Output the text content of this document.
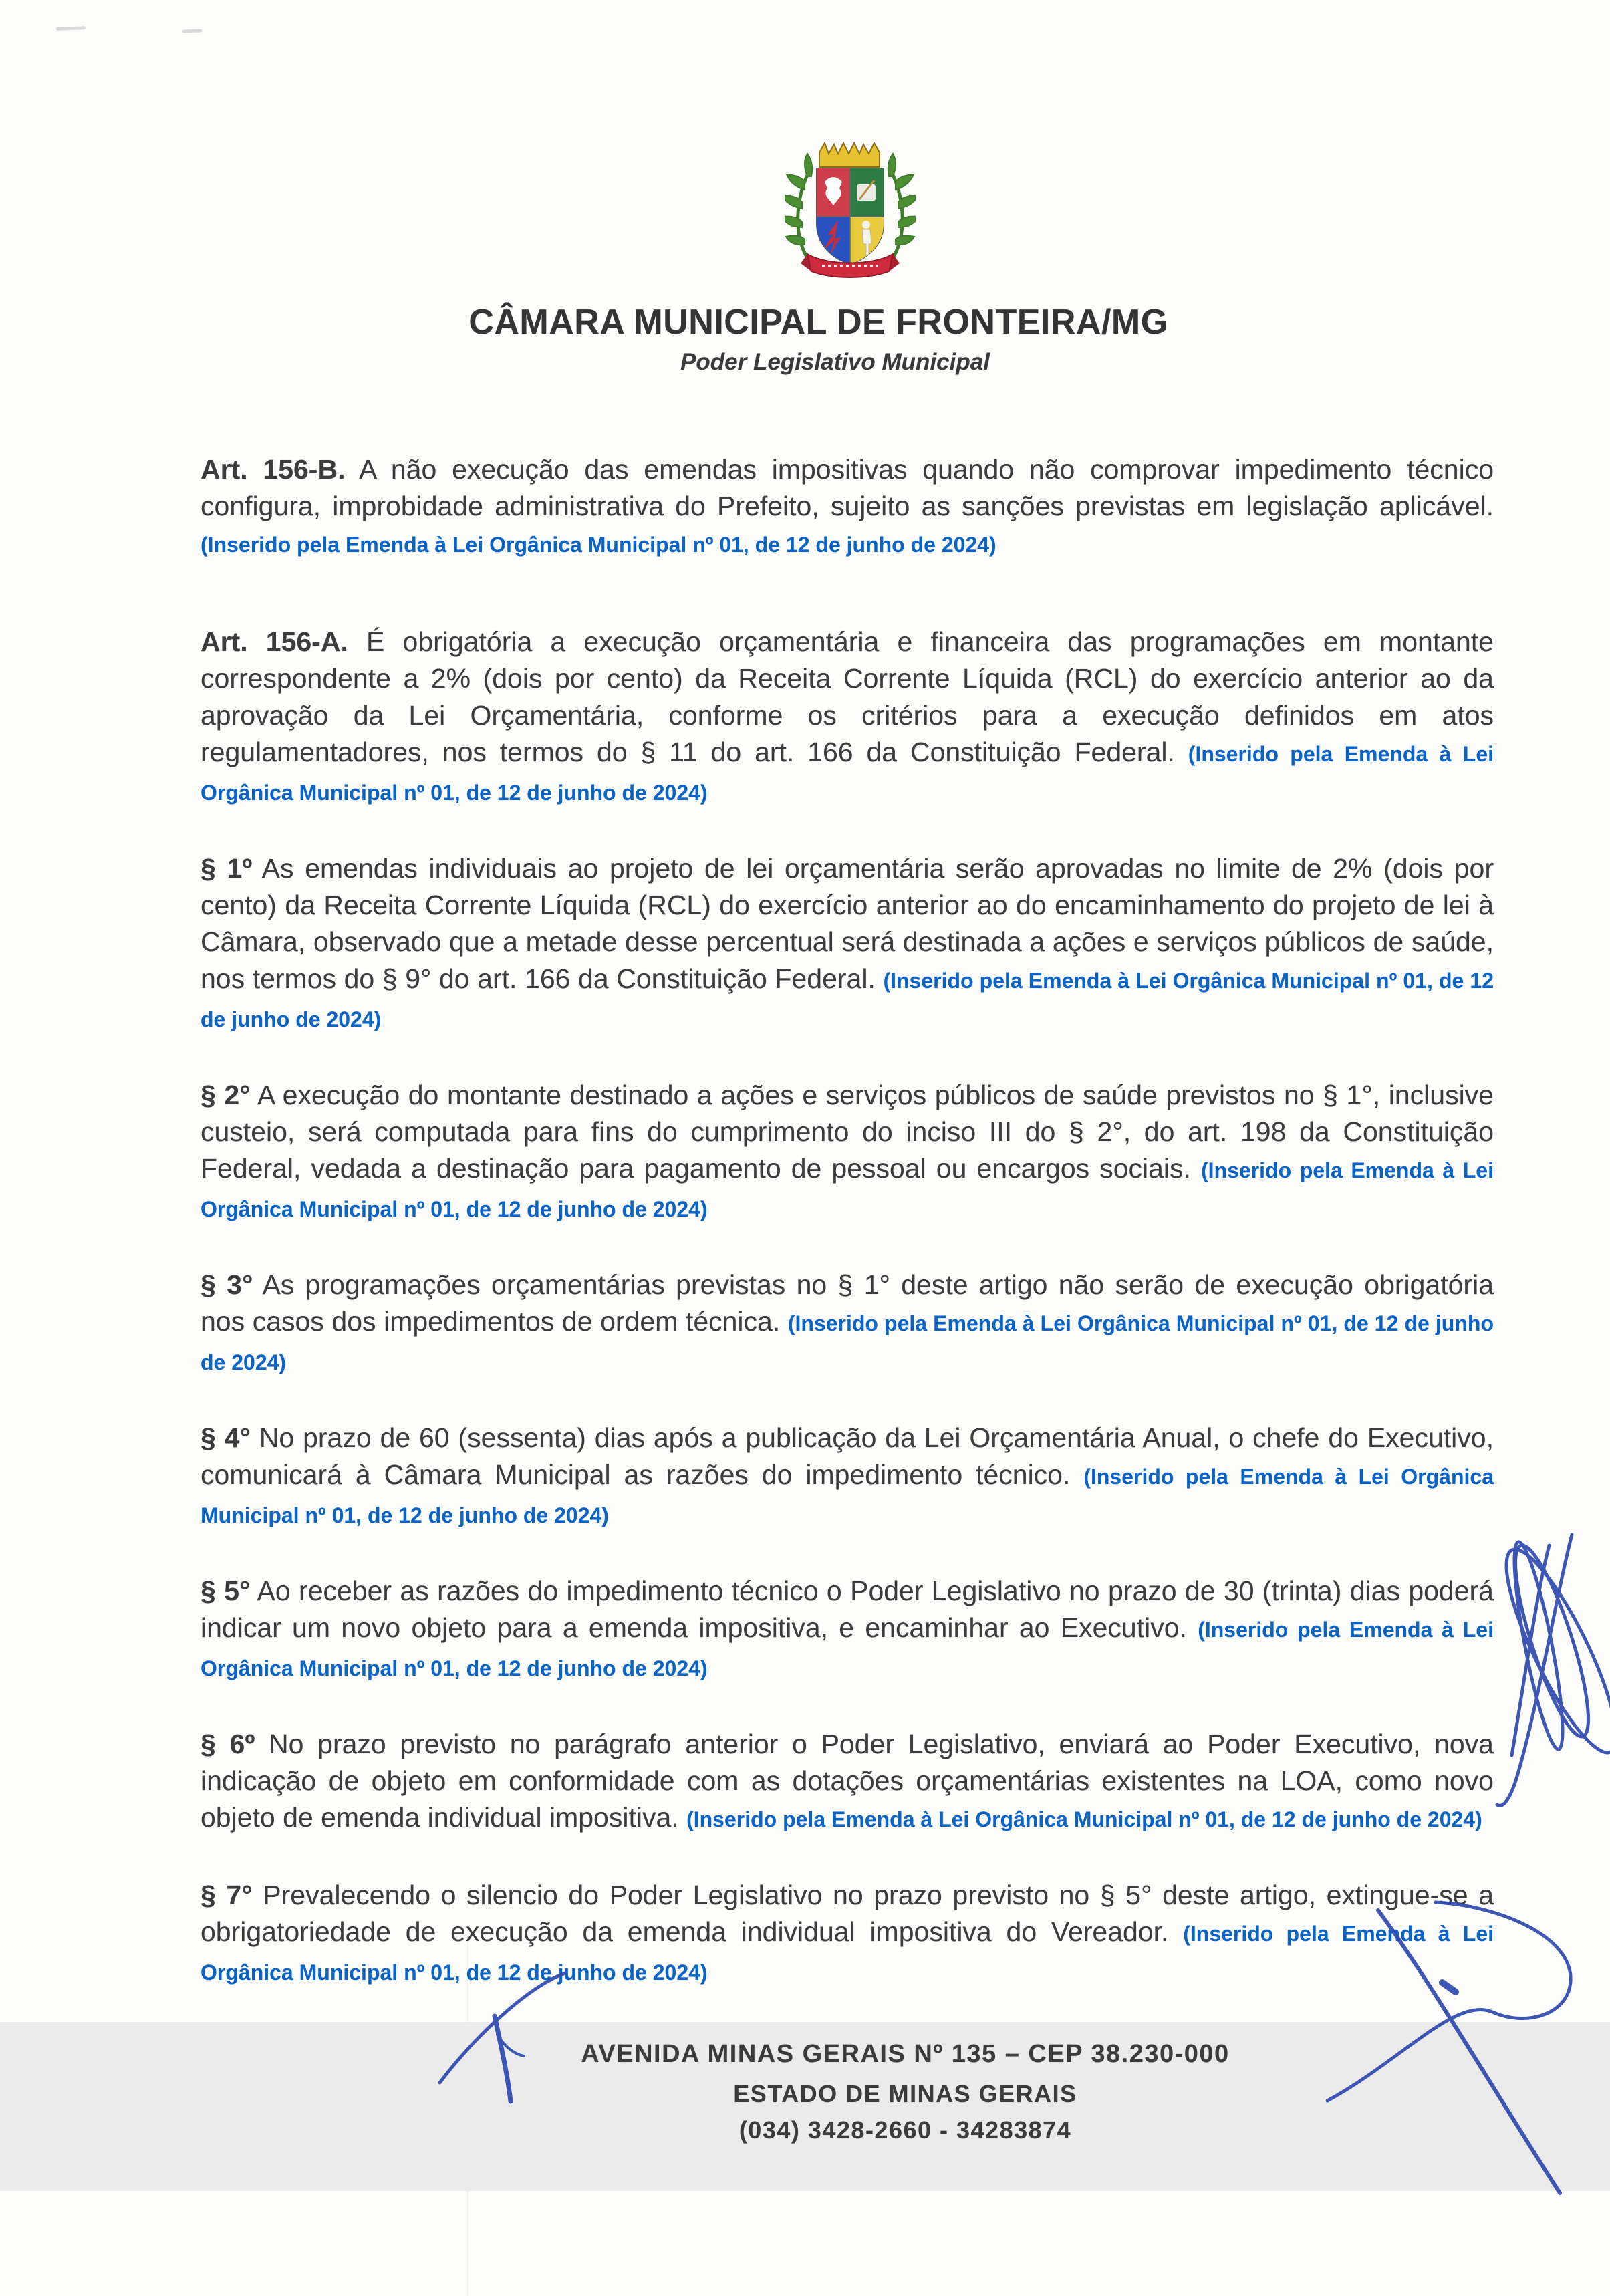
CÂMARA MUNICIPAL DE FRONTEIRA/MG
Poder Legislativo Municipal

Art. 156-B. A não execução das emendas impositivas quando não comprovar impedimento técnico configura, improbidade administrativa do Prefeito, sujeito as sanções previstas em legislação aplicável. (Inserido pela Emenda à Lei Orgânica Municipal nº 01, de 12 de junho de 2024)

Art. 156-A. É obrigatória a execução orçamentária e financeira das programações em montante correspondente a 2% (dois por cento) da Receita Corrente Líquida (RCL) do exercício anterior ao da aprovação da Lei Orçamentária, conforme os critérios para a execução definidos em atos regulamentadores, nos termos do § 11 do art. 166 da Constituição Federal. (Inserido pela Emenda à Lei Orgânica Municipal nº 01, de 12 de junho de 2024)

§ 1º As emendas individuais ao projeto de lei orçamentária serão aprovadas no limite de 2% (dois por cento) da Receita Corrente Líquida (RCL) do exercício anterior ao do encaminhamento do projeto de lei à Câmara, observado que a metade desse percentual será destinada a ações e serviços públicos de saúde, nos termos do § 9° do art. 166 da Constituição Federal. (Inserido pela Emenda à Lei Orgânica Municipal nº 01, de 12 de junho de 2024)

§ 2° A execução do montante destinado a ações e serviços públicos de saúde previstos no § 1°, inclusive custeio, será computada para fins do cumprimento do inciso III do § 2°, do art. 198 da Constituição Federal, vedada a destinação para pagamento de pessoal ou encargos sociais. (Inserido pela Emenda à Lei Orgânica Municipal nº 01, de 12 de junho de 2024)

§ 3° As programações orçamentárias previstas no § 1° deste artigo não serão de execução obrigatória nos casos dos impedimentos de ordem técnica. (Inserido pela Emenda à Lei Orgânica Municipal nº 01, de 12 de junho de 2024)

§ 4° No prazo de 60 (sessenta) dias após a publicação da Lei Orçamentária Anual, o chefe do Executivo, comunicará à Câmara Municipal as razões do impedimento técnico. (Inserido pela Emenda à Lei Orgânica Municipal nº 01, de 12 de junho de 2024)

§ 5° Ao receber as razões do impedimento técnico o Poder Legislativo no prazo de 30 (trinta) dias poderá indicar um novo objeto para a emenda impositiva, e encaminhar ao Executivo. (Inserido pela Emenda à Lei Orgânica Municipal nº 01, de 12 de junho de 2024)

§ 6º No prazo previsto no parágrafo anterior o Poder Legislativo, enviará ao Poder Executivo, nova indicação de objeto em conformidade com as dotações orçamentárias existentes na LOA, como novo objeto de emenda individual impositiva. (Inserido pela Emenda à Lei Orgânica Municipal nº 01, de 12 de junho de 2024)

§ 7° Prevalecendo o silencio do Poder Legislativo no prazo previsto no § 5° deste artigo, extingue-se a obrigatoriedade de execução da emenda individual impositiva do Vereador. (Inserido pela Emenda à Lei Orgânica Municipal nº 01, de 12 de junho de 2024)

AVENIDA MINAS GERAIS Nº 135 – CEP 38.230-000
ESTADO DE MINAS GERAIS
(034) 3428-2660 - 34283874
